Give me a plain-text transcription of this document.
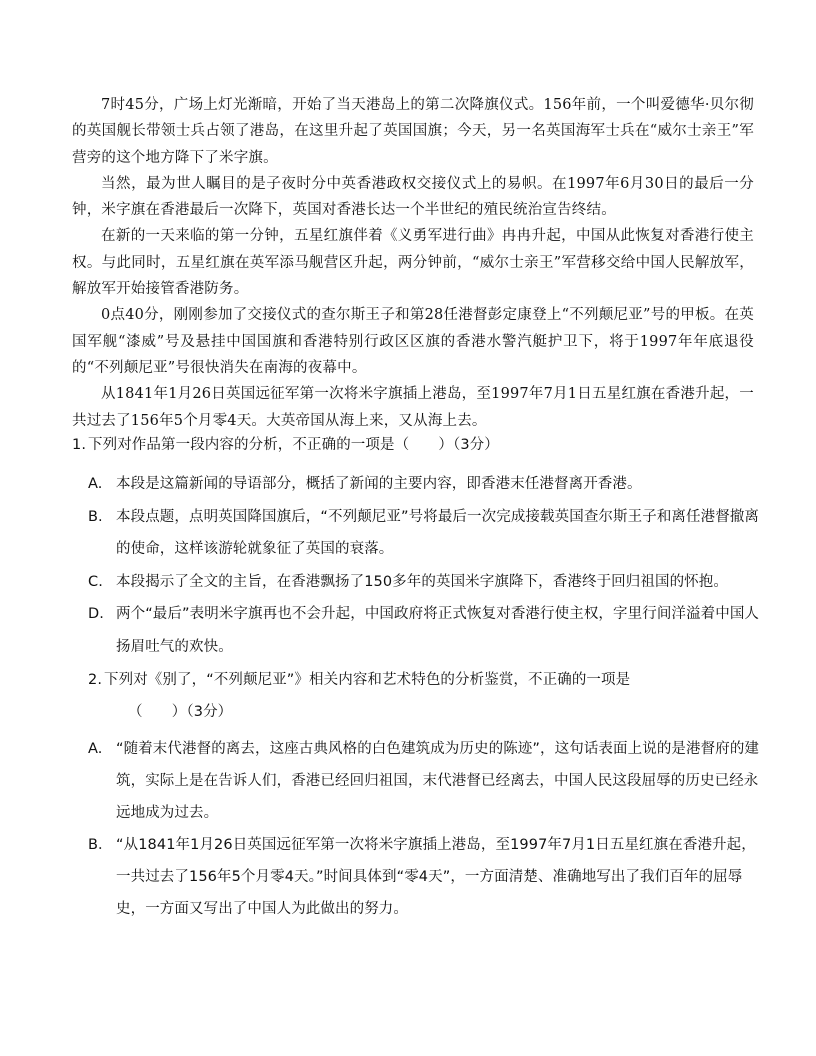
7时45分，广场上灯光渐暗，开始了当天港岛上的第二次降旗仪式。156年前，一个叫爱德华·贝尔彻的英国舰长带领士兵占领了港岛，在这里升起了英国国旗；今天，另一名英国海军士兵在“威尔士亲王”军营旁的这个地方降下了米字旗。

当然，最为世人瞩目的是子夜时分中英香港政权交接仪式上的易帜。在1997年6月30日的最后一分钟，米字旗在香港最后一次降下，英国对香港长达一个半世纪的殖民统治宣告终结。

在新的一天来临的第一分钟，五星红旗伴着《义勇军进行曲》冉冉升起，中国从此恢复对香港行使主权。与此同时，五星红旗在英军添马舰营区升起，两分钟前，“威尔士亲王”军营移交给中国人民解放军，解放军开始接管香港防务。

0点40分，刚刚参加了交接仪式的查尔斯王子和第28任港督彭定康登上“不列颠尼亚”号的甲板。在英国军舰“漆威”号及悬挂中国国旗和香港特别行政区区旗的香港水警汽艇护卫下，将于1997年年底退役的“不列颠尼亚”号很快消失在南海的夜幕中。

从1841年1月26日英国远征军第一次将米字旗插上港岛，至1997年7月1日五星红旗在香港升起，一共过去了156年5个月零4天。大英帝国从海上来，又从海上去。

1. 下列对作品第一段内容的分析，不正确的一项是（　　）（3分）

A. 本段是这篇新闻的导语部分，概括了新闻的主要内容，即香港末任港督离开香港。

B. 本段点题，点明英国降国旗后，“不列颠尼亚”号将最后一次完成接载英国查尔斯王子和离任港督撤离的使命，这样该游轮就象征了英国的衰落。

C. 本段揭示了全文的主旨，在香港飘扬了150多年的英国米字旗降下，香港终于回归祖国的怀抱。

D. 两个“最后”表明米字旗再也不会升起，中国政府将正式恢复对香港行使主权，字里行间洋溢着中国人扬眉吐气的欢快。

2. 下列对《别了，“不列颠尼亚”》相关内容和艺术特色的分析鉴赏，不正确的一项是

（　　）（3分）

A. “随着末代港督的离去，这座古典风格的白色建筑成为历史的陈迹”，这句话表面上说的是港督府的建筑，实际上是在告诉人们，香港已经回归祖国，末代港督已经离去，中国人民这段屈辱的历史已经永远地成为过去。

B． “从1841年1月26日英国远征军第一次将米字旗插上港岛，至1997年7月1日五星红旗在香港升起，一共过去了156年5个月零4天。”时间具体到“零4天”，一方面清楚、准确地写出了我们百年的屈辱史，一方面又写出了中国人为此做出的努力。
